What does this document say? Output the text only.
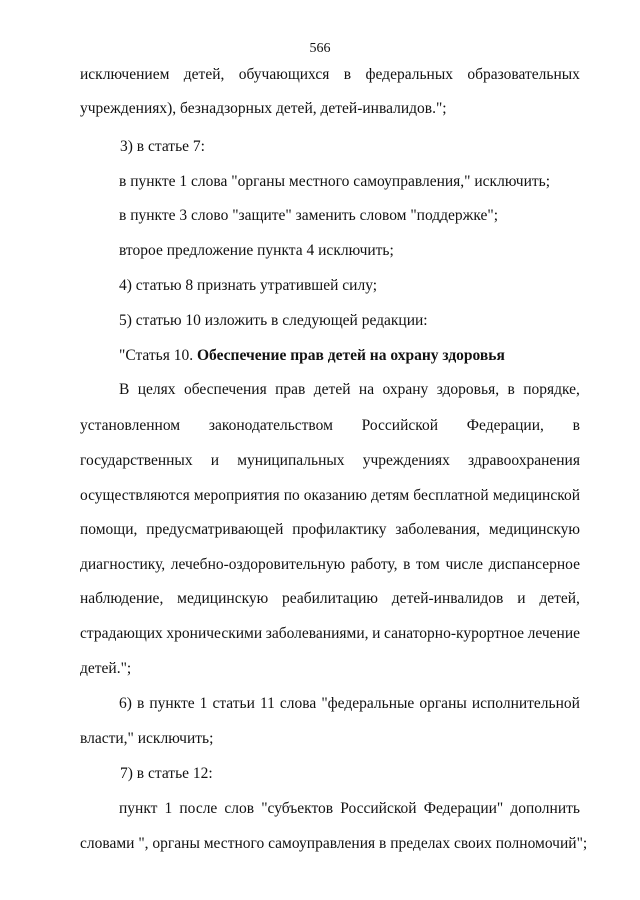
566
исключением детей, обучающихся в федеральных образовательных
учреждениях), безнадзорных детей, детей-инвалидов.";
3) в статье 7:
в пункте 1 слова "органы местного самоуправления," исключить;
в пункте 3 слово "защите" заменить словом "поддержке";
второе предложение пункта 4 исключить;
4) статью 8 признать утратившей силу;
5) статью 10 изложить в следующей редакции:
"Статья 10. Обеспечение прав детей на охрану здоровья
В целях обеспечения прав детей на охрану здоровья, в порядке,
установленном законодательством Российской Федерации, в
государственных и муниципальных учреждениях здравоохранения
осуществляются мероприятия по оказанию детям бесплатной медицинской
помощи, предусматривающей профилактику заболевания, медицинскую
диагностику, лечебно-оздоровительную работу, в том числе диспансерное
наблюдение, медицинскую реабилитацию детей-инвалидов и детей,
страдающих хроническими заболеваниями, и санаторно-курортное лечение
детей.";
6) в пункте 1 статьи 11 слова "федеральные органы исполнительной
власти," исключить;
7) в статье 12:
пункт 1 после слов "субъектов Российской Федерации" дополнить
словами ", органы местного самоуправления в пределах своих полномочий";
